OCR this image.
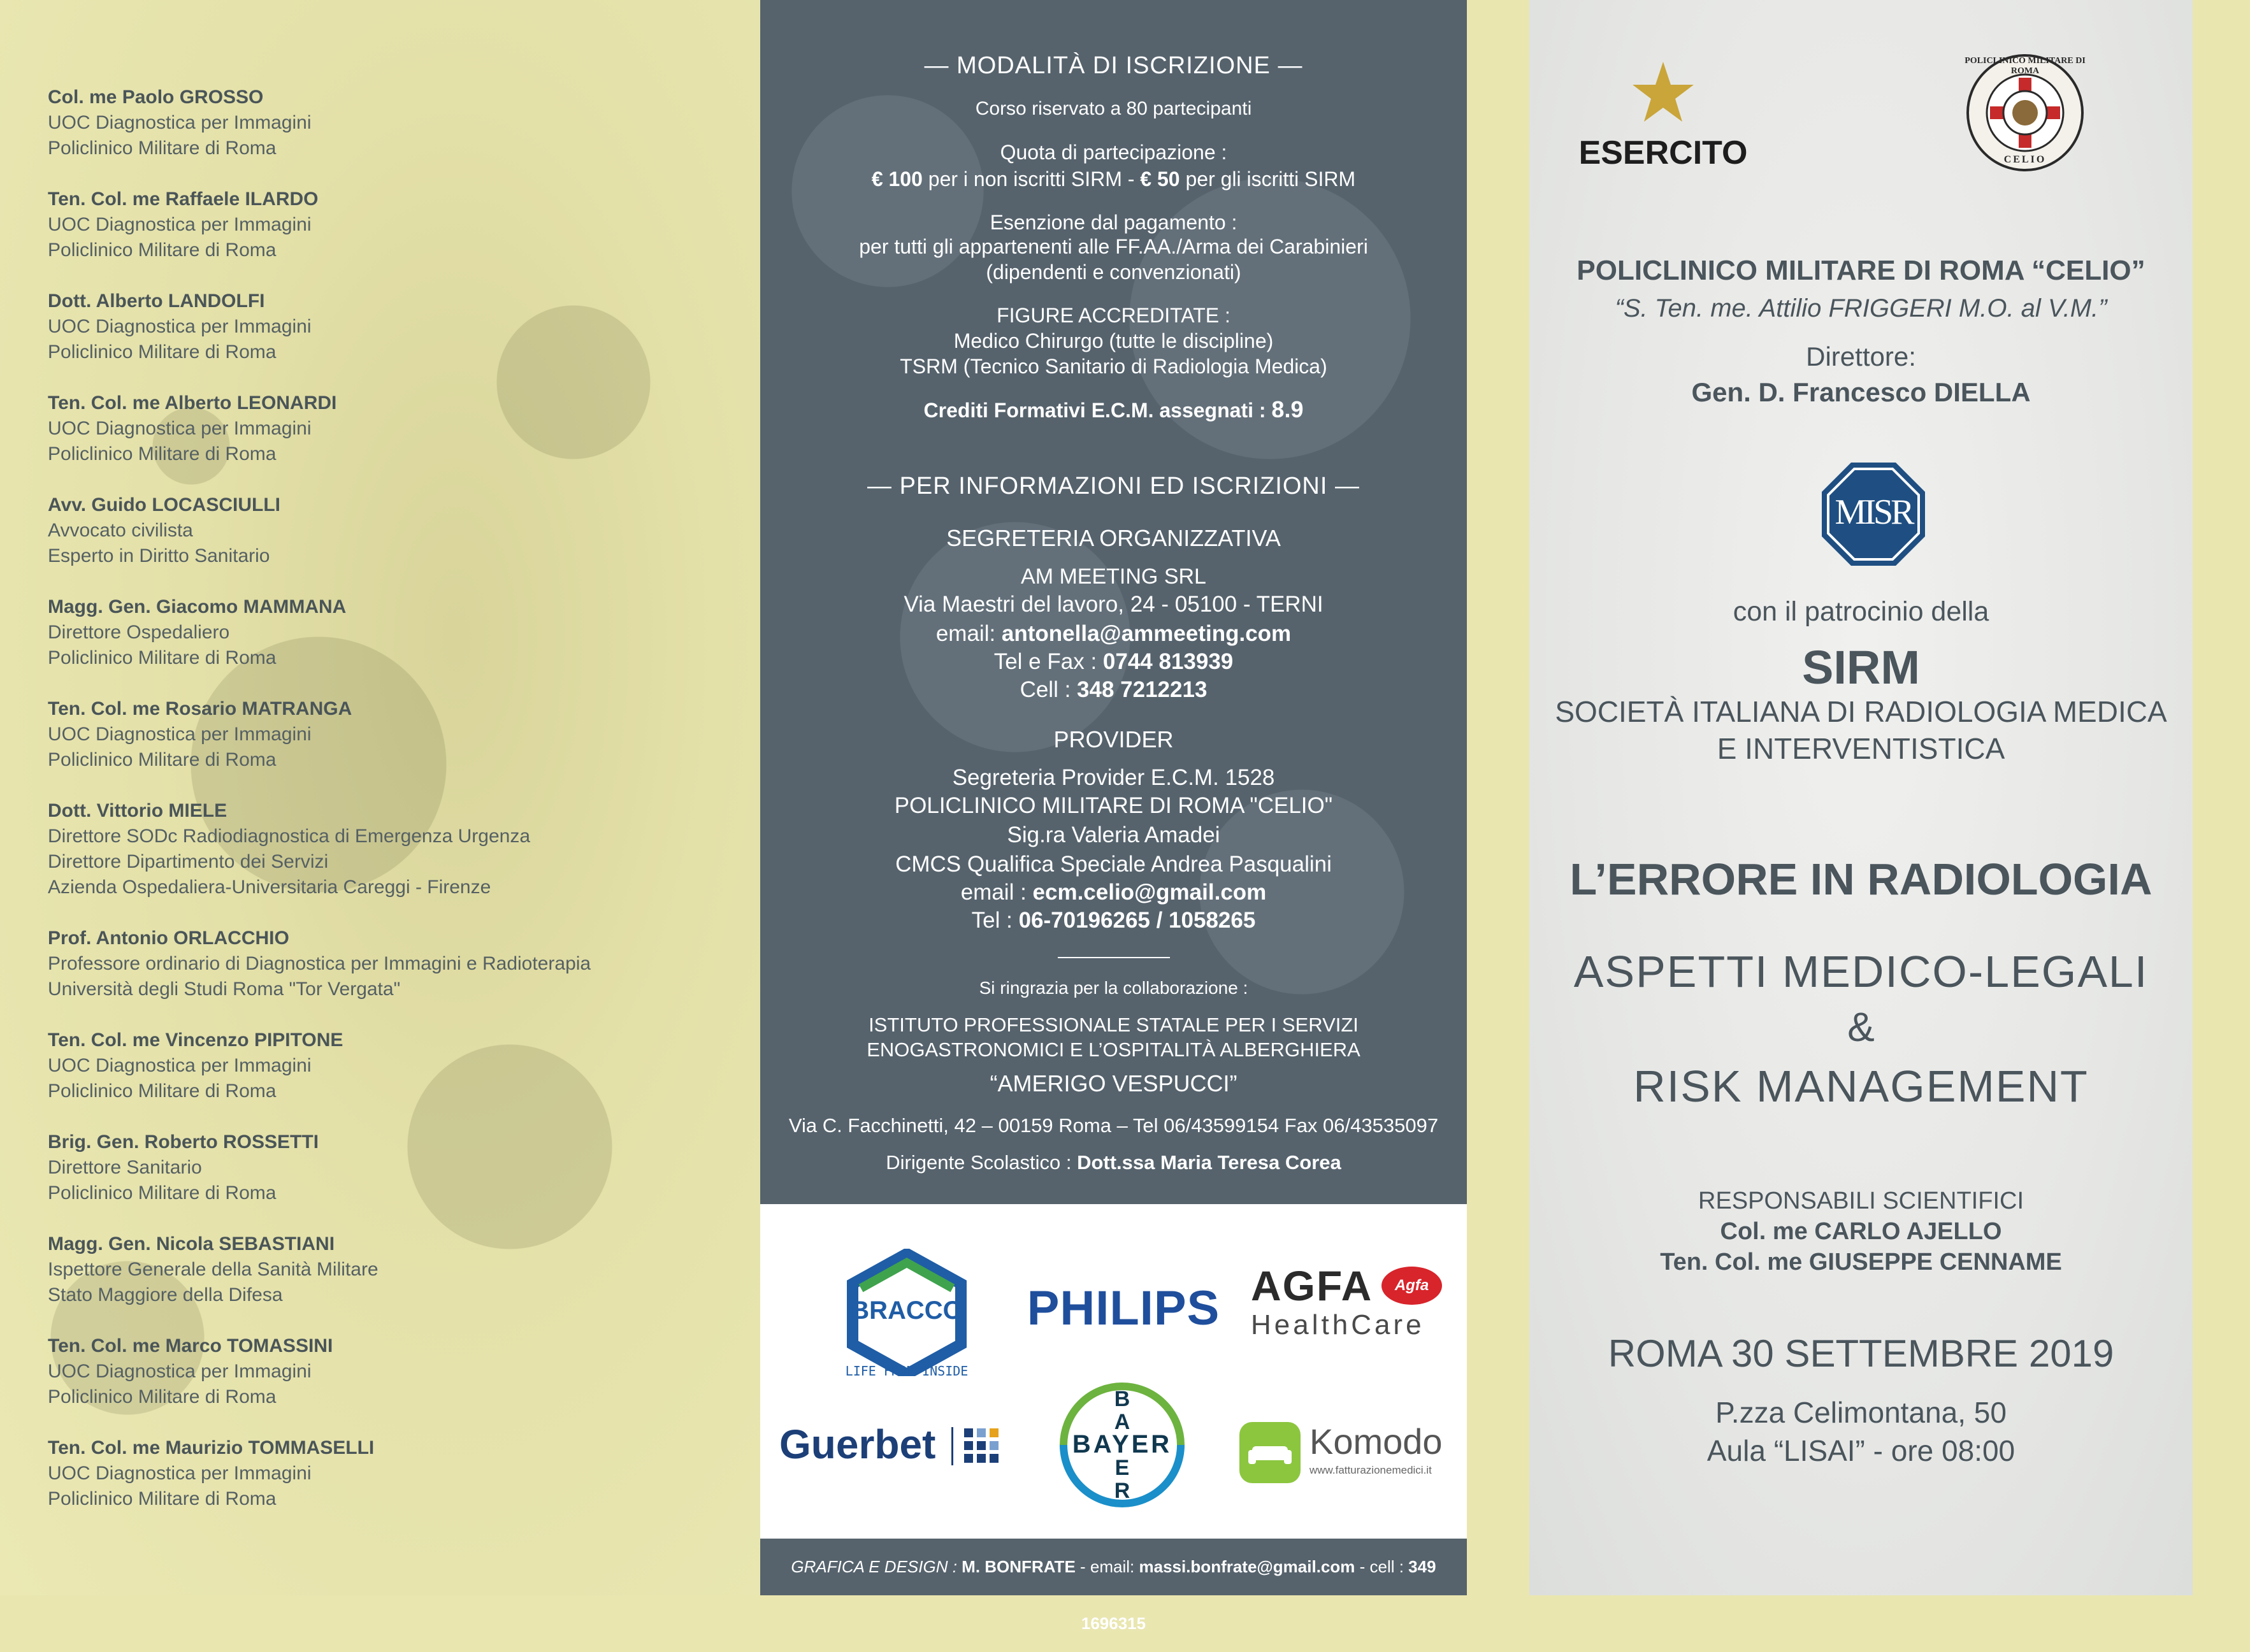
Col. me Paolo GROSSO
UOC Diagnostica per Immagini
Policlinico Militare di Roma
Ten. Col. me Raffaele ILARDO
UOC Diagnostica per Immagini
Policlinico Militare di Roma
Dott. Alberto LANDOLFI
UOC Diagnostica per Immagini
Policlinico Militare di Roma
Ten. Col. me Alberto LEONARDI
UOC Diagnostica per Immagini
Policlinico Militare di Roma
Avv. Guido LOCASCIULLI
Avvocato civilista
Esperto in Diritto Sanitario
Magg. Gen. Giacomo MAMMANA
Direttore Ospedaliero
Policlinico Militare di Roma
Ten. Col. me Rosario MATRANGA
UOC Diagnostica per Immagini
Policlinico Militare di Roma
Dott. Vittorio MIELE
Direttore SODc Radiodiagnostica di Emergenza Urgenza
Direttore Dipartimento dei Servizi
Azienda Ospedaliera-Universitaria Careggi - Firenze
Prof. Antonio ORLACCHIO
Professore ordinario di Diagnostica per Immagini e Radioterapia
Università degli Studi Roma "Tor Vergata"
Ten. Col. me Vincenzo PIPITONE
UOC Diagnostica per Immagini
Policlinico Militare di Roma
Brig. Gen. Roberto ROSSETTI
Direttore Sanitario
Policlinico Militare di Roma
Magg. Gen. Nicola SEBASTIANI
Ispettore Generale della Sanità Militare
Stato Maggiore della Difesa
Ten. Col. me Marco TOMASSINI
UOC Diagnostica per Immagini
Policlinico Militare di Roma
Ten. Col. me Maurizio TOMMASELLI
UOC Diagnostica per Immagini
Policlinico Militare di Roma
— MODALITÀ DI ISCRIZIONE —
Corso riservato a 80 partecipanti
Quota di partecipazione :
€ 100 per i non iscritti SIRM - € 50 per gli iscritti SIRM
Esenzione dal pagamento :
per tutti gli appartenenti alle FF.AA./Arma dei Carabinieri
(dipendenti e convenzionati)
FIGURE ACCREDITATE :
Medico Chirurgo (tutte le discipline)
TSRM (Tecnico Sanitario di Radiologia Medica)
Crediti Formativi E.C.M. assegnati : 8.9
— PER INFORMAZIONI ED ISCRIZIONI —
SEGRETERIA ORGANIZZATIVA
AM MEETING SRL
Via Maestri del lavoro, 24 - 05100 - TERNI
email: antonella@ammeeting.com
Tel e Fax : 0744 813939
Cell : 348 7212213
PROVIDER
Segreteria Provider E.C.M. 1528
POLICLINICO MILITARE DI ROMA "CELIO"
Sig.ra Valeria Amadei
CMCS Qualifica Speciale Andrea Pasqualini
email : ecm.celio@gmail.com
Tel : 06-70196265 / 1058265
Si ringrazia per la collaborazione :
ISTITUTO PROFESSIONALE STATALE PER I SERVIZI
ENOGASTRONOMICI E L’OSPITALITÀ ALBERGHIERA
“AMERIGO VESPUCCI”
Via C. Facchinetti, 42 – 00159 Roma – Tel 06/43599154 Fax 06/43535097
Dirigente Scolastico : Dott.ssa Maria Teresa Corea
BRACCO
LIFE FROM INSIDE
PHILIPS AGFA	Agfa
HealthCare
Guerbet	BAYER
B
A
E
R
Komodo
www.fatturazionemedici.it
GRAFICA E DESIGN : M. BONFRATE - email: massi.bonfrate@gmail.com - cell : 349 1696315
ESERCITO
POLICLINICO MILITARE DI ROMA
CELIO
POLICLINICO MILITARE DI ROMA “CELIO”
“S. Ten. me. Attilio FRIGGERI M.O. al V.M.”
Direttore:
Gen. D. Francesco DIELLA
MISR
con il patrocinio della
SIRM
SOCIETÀ ITALIANA DI RADIOLOGIA MEDICA
E INTERVENTISTICA
L’ERRORE IN RADIOLOGIA
ASPETTI MEDICO-LEGALI
&
RISK MANAGEMENT
RESPONSABILI SCIENTIFICI
Col. me CARLO AJELLO
Ten. Col. me GIUSEPPE CENNAME
ROMA 30 SETTEMBRE 2019
P.zza Celimontana, 50
Aula “LISAI” - ore 08:00
